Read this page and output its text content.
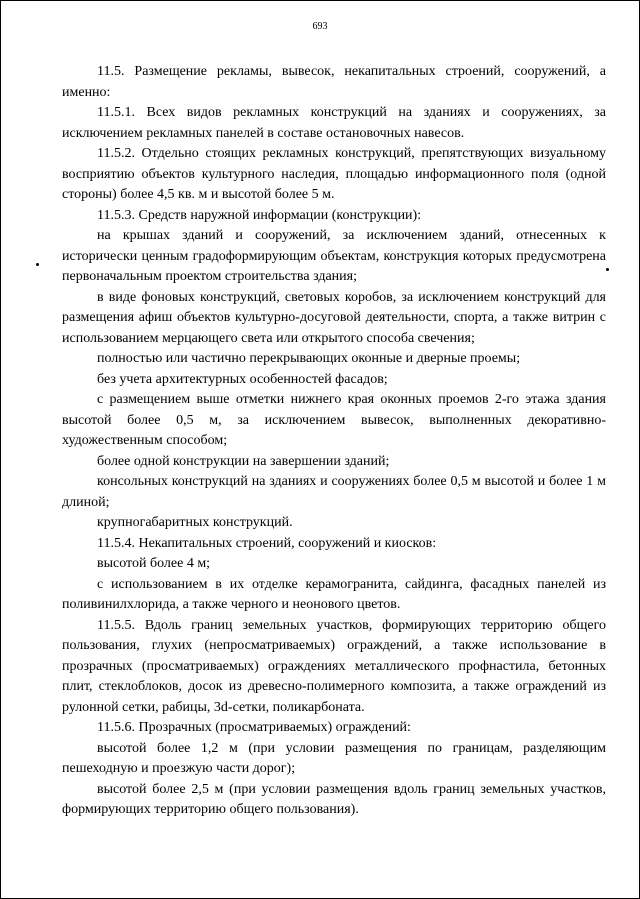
693

11.5. Размещение рекламы, вывесок, некапитальных строений, сооружений, а именно:

11.5.1. Всех видов рекламных конструкций на зданиях и сооружениях, за исключением рекламных панелей в составе остановочных навесов.

11.5.2. Отдельно стоящих рекламных конструкций, препятствующих визуальному восприятию объектов культурного наследия, площадью информационного поля (одной стороны) более 4,5 кв. м и высотой более 5 м.

11.5.3. Средств наружной информации (конструкции):

на крышах зданий и сооружений, за исключением зданий, отнесенных к исторически ценным градоформирующим объектам, конструкция которых предусмотрена первоначальным проектом строительства здания;

в виде фоновых конструкций, световых коробов, за исключением конструкций для размещения афиш объектов культурно-досуговой деятельности, спорта, а также витрин с использованием мерцающего света или открытого способа свечения;

полностью или частично перекрывающих оконные и дверные проемы;

без учета архитектурных особенностей фасадов;

с размещением выше отметки нижнего края оконных проемов 2-го этажа здания высотой более 0,5 м, за исключением вывесок, выполненных декоративно-художественным способом;

более одной конструкции на завершении зданий;

консольных конструкций на зданиях и сооружениях более 0,5 м высотой и более 1 м длиной;

крупногабаритных конструкций.

11.5.4. Некапитальных строений, сооружений и киосков:

высотой более 4 м;

с использованием в их отделке керамогранита, сайдинга, фасадных панелей из поливинилхлорида, а также черного и неонового цветов.

11.5.5. Вдоль границ земельных участков, формирующих территорию общего пользования, глухих (непросматриваемых) ограждений, а также использование в прозрачных (просматриваемых) ограждениях металлического профнастила, бетонных плит, стеклоблоков, досок из древесно-полимерного композита, а также ограждений из рулонной сетки, рабицы, 3d-сетки, поликарбоната.

11.5.6. Прозрачных (просматриваемых) ограждений:

высотой более 1,2 м (при условии размещения по границам, разделяющим пешеходную и проезжую части дорог);

высотой более 2,5 м (при условии размещения вдоль границ земельных участков, формирующих территорию общего пользования).
